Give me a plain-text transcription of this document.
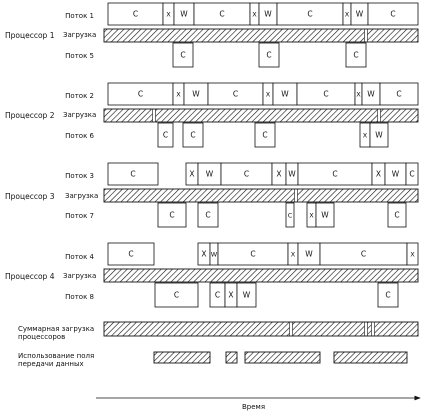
C	X W	C	X W	C	X W	C
C	C	C
C	X W	C	X W	C	X W	C
C	C	C	X W
C	X W	C	X W	C	X W C
C	C	C	X W	C
C	X W	C	X W	C	X
C	C X W	C
Поток 1
Процессор 1 Загрузка
Поток 5
Поток 2
Процессор 2 Загрузка
Поток 6
Поток 3
Процессор 3 Загрузка
Поток 7
Поток 4
Процессор 4 Загрузка
Поток 8
Суммарная загрузка процессоров
Использование поля передачи данных
Время
